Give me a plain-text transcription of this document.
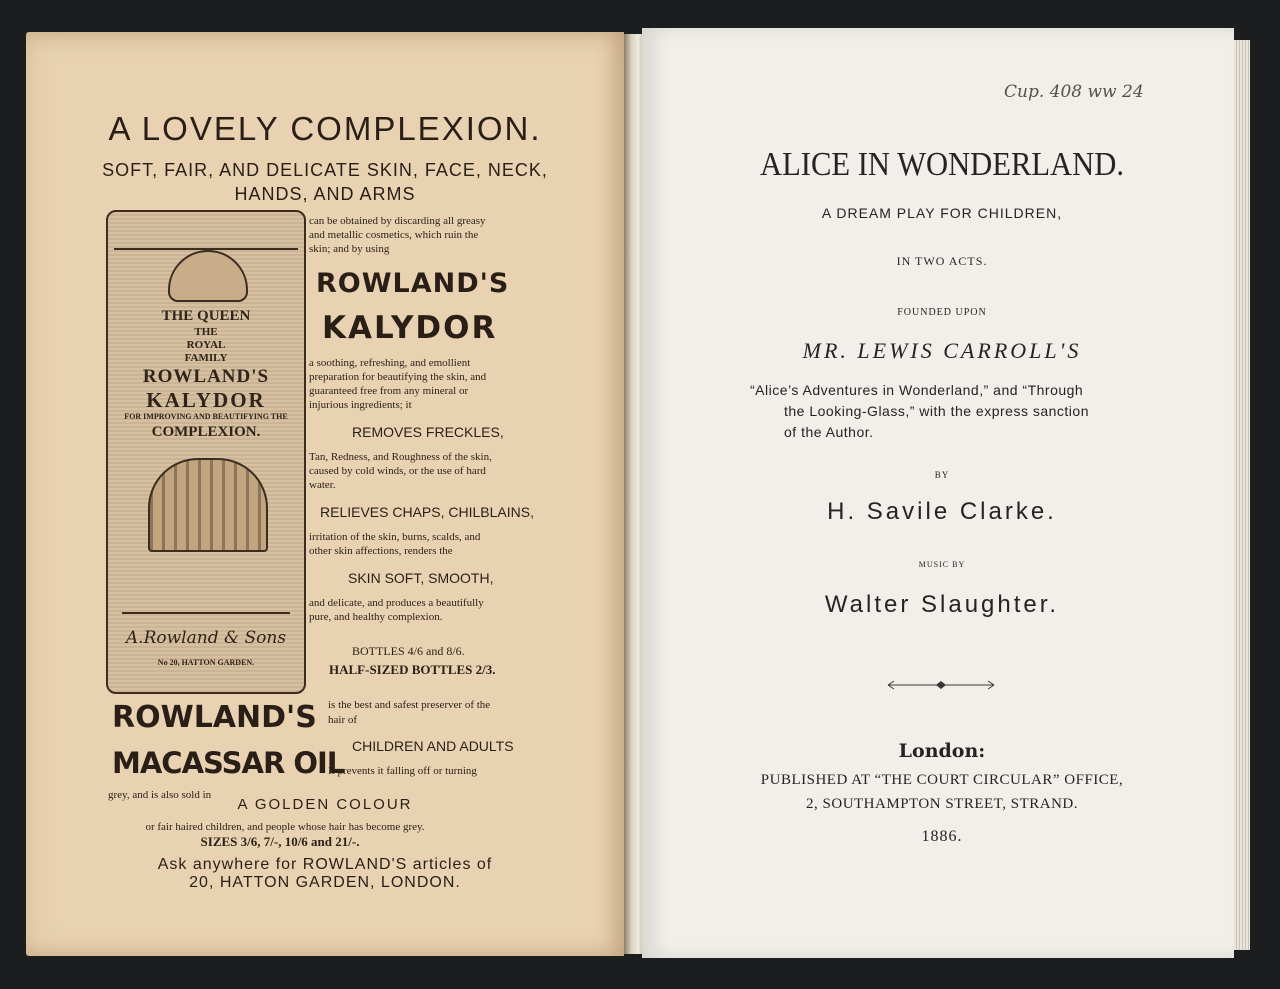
A LOVELY COMPLEXION.

SOFT, FAIR, AND DELICATE SKIN, FACE, NECK,

HANDS, AND ARMS

THE QUEEN
THE
ROYAL
FAMILY
ROWLAND'S
KALYDOR
FOR IMPROVING AND BEAUTIFYING THE
COMPLEXION.
A.Rowland & Sons
No 20, HATTON GARDEN.

can be obtained by discarding all greasy

and metallic cosmetics, which ruin the

skin; and by using

ROWLAND'S

KALYDOR

a soothing, refreshing, and emollient

preparation for beautifying the skin, and

guaranteed free from any mineral or

injurious ingredients; it

REMOVES FRECKLES,

Tan, Redness, and Roughness of the skin,

caused by cold winds, or the use of hard

water.

RELIEVES CHAPS, CHILBLAINS,

irritation of the skin, burns, scalds, and

other skin affections, renders the

SKIN SOFT, SMOOTH,

and delicate, and produces a beautifully

pure, and healthy complexion.

BOTTLES 4/6 and 8/6.

HALF-SIZED BOTTLES 2/3.

ROWLAND'S

MACASSAR OIL

is the best and safest preserver of the

hair of

CHILDREN AND ADULTS

It prevents it falling off or turning

grey, and is also sold in

A GOLDEN COLOUR

or fair haired children, and people whose hair has become grey.

SIZES 3/6, 7/-, 10/6 and 21/-.

Ask anywhere for ROWLAND'S articles of

20, HATTON GARDEN, LONDON.

Cup. 408 ww 24

ALICE IN WONDERLAND.

A DREAM PLAY FOR CHILDREN,

IN TWO ACTS.

FOUNDED UPON

MR. LEWIS CARROLL'S

“Alice’s Adventures in Wonderland,” and “Through

the Looking-Glass,” with the express sanction

of the Author.

BY

H. Savile Clarke.

MUSIC BY

Walter Slaughter.

London:

PUBLISHED AT “THE COURT CIRCULAR” OFFICE,

2, SOUTHAMPTON STREET, STRAND.

1886.
